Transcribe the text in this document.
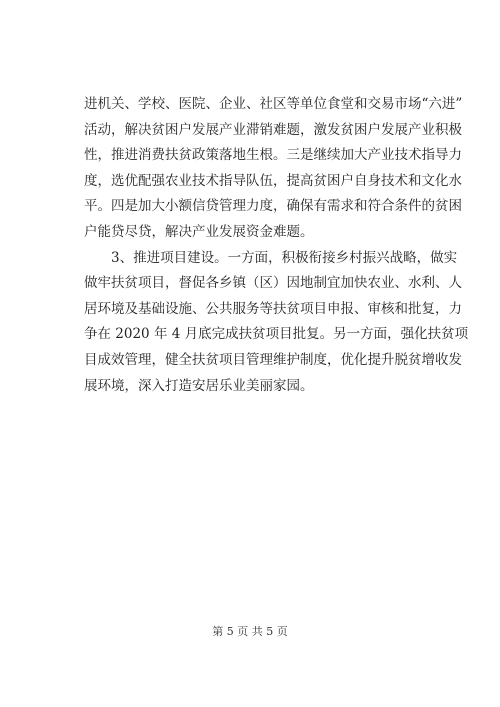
进机关、学校、医院、企业、社区等单位食堂和交易市场“六进”
活动，解决贫困户发展产业滞销难题，激发贫困户发展产业积极
性，推进消费扶贫政策落地生根。三是继续加大产业技术指导力
度，选优配强农业技术指导队伍，提高贫困户自身技术和文化水
平。四是加大小额信贷管理力度，确保有需求和符合条件的贫困
户能贷尽贷，解决产业发展资金难题。
　　3、推进项目建设。一方面，积极衔接乡村振兴战略，做实
做牢扶贫项目，督促各乡镇（区）因地制宜加快农业、水利、人
居环境及基础设施、公共服务等扶贫项目申报、审核和批复，力
争在 2020 年 4 月底完成扶贫项目批复。另一方面，强化扶贫项
目成效管理，健全扶贫项目管理维护制度，优化提升脱贫增收发
展环境，深入打造安居乐业美丽家园。
第 5 页 共 5 页
